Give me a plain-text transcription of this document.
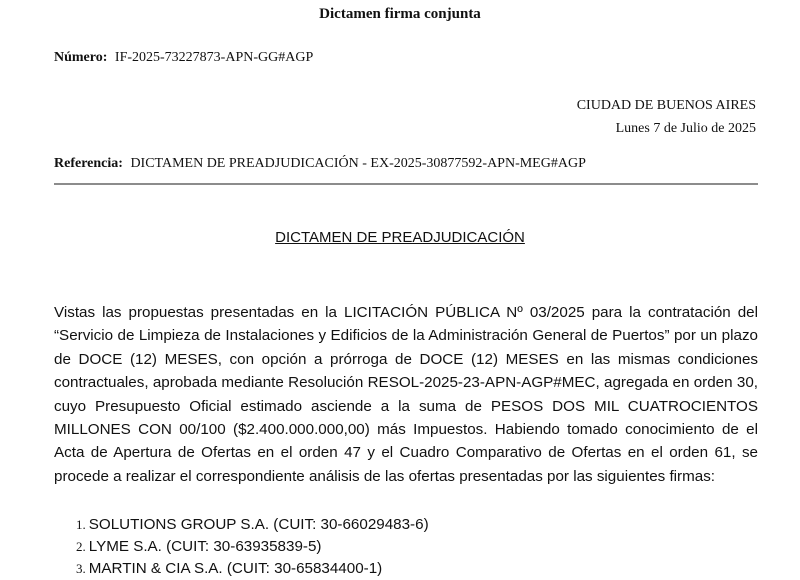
Dictamen firma conjunta
Número: IF-2025-73227873-APN-GG#AGP
CIUDAD DE BUENOS AIRES
Lunes 7 de Julio de 2025
Referencia: DICTAMEN DE PREADJUDICACIÓN - EX-2025-30877592-APN-MEG#AGP
DICTAMEN DE PREADJUDICACIÓN
Vistas las propuestas presentadas en la LICITACIÓN PÚBLICA Nº 03/2025 para la contratación del “Servicio de Limpieza de Instalaciones y Edificios de la Administración General de Puertos” por un plazo de DOCE (12) MESES, con opción a prórroga de DOCE (12) MESES en las mismas condiciones contractuales, aprobada mediante Resolución RESOL-2025-23-APN-AGP#MEC, agregada en orden 30, cuyo Presupuesto Oficial estimado asciende a la suma de PESOS DOS MIL CUATROCIENTOS MILLONES CON 00/100 ($2.400.000.000,00) más Impuestos. Habiendo tomado conocimiento de el Acta de Apertura de Ofertas en el orden 47 y el Cuadro Comparativo de Ofertas en el orden 61, se procede a realizar el correspondiente análisis de las ofertas presentadas por las siguientes firmas:
1. SOLUTIONS GROUP S.A. (CUIT: 30-66029483-6)
2. LYME S.A. (CUIT: 30-63935839-5)
3. MARTIN & CIA S.A. (CUIT: 30-65834400-1)
